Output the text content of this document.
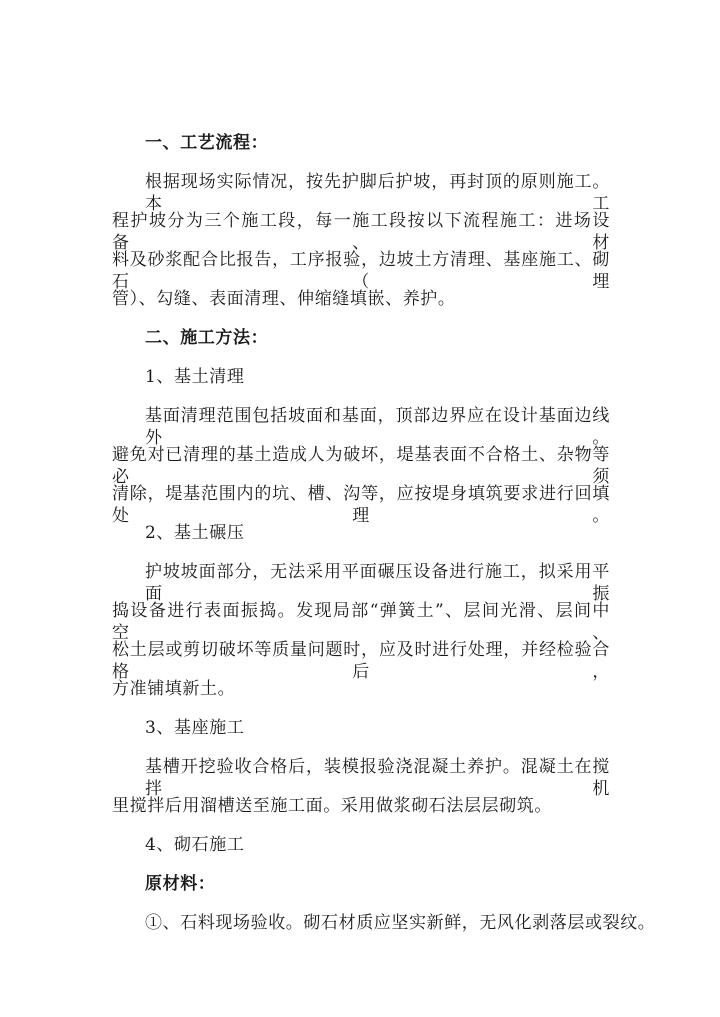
一、工艺流程：
根据现场实际情况，按先护脚后护坡，再封顶的原则施工。本工
程护坡分为三个施工段，每一施工段按以下流程施工：进场设备、材
料及砂浆配合比报告，工序报验，边坡土方清理、基座施工、砌石（埋
管）、勾缝、表面清理、伸缩缝填嵌、养护。
二、施工方法：
1、基土清理
基面清理范围包括坡面和基面，顶部边界应在设计基面边线外。
避免对已清理的基土造成人为破坏，堤基表面不合格土、杂物等必须
清除，堤基范围内的坑、槽、沟等，应按堤身填筑要求进行回填处理。
2、基土碾压
护坡坡面部分，无法采用平面碾压设备进行施工，拟采用平面振
捣设备进行表面振捣。发现局部“弹簧土”、层间光滑、层间中空、
松土层或剪切破坏等质量问题时，应及时进行处理，并经检验合格后，
方准铺填新土。
3、基座施工
基槽开挖验收合格后，装模报验浇混凝土养护。混凝土在搅拌机
里搅拌后用溜槽送至施工面。采用做浆砌石法层层砌筑。
4、砌石施工
原材料：
①、石料现场验收。砌石材质应坚实新鲜，无风化剥落层或裂纹。
